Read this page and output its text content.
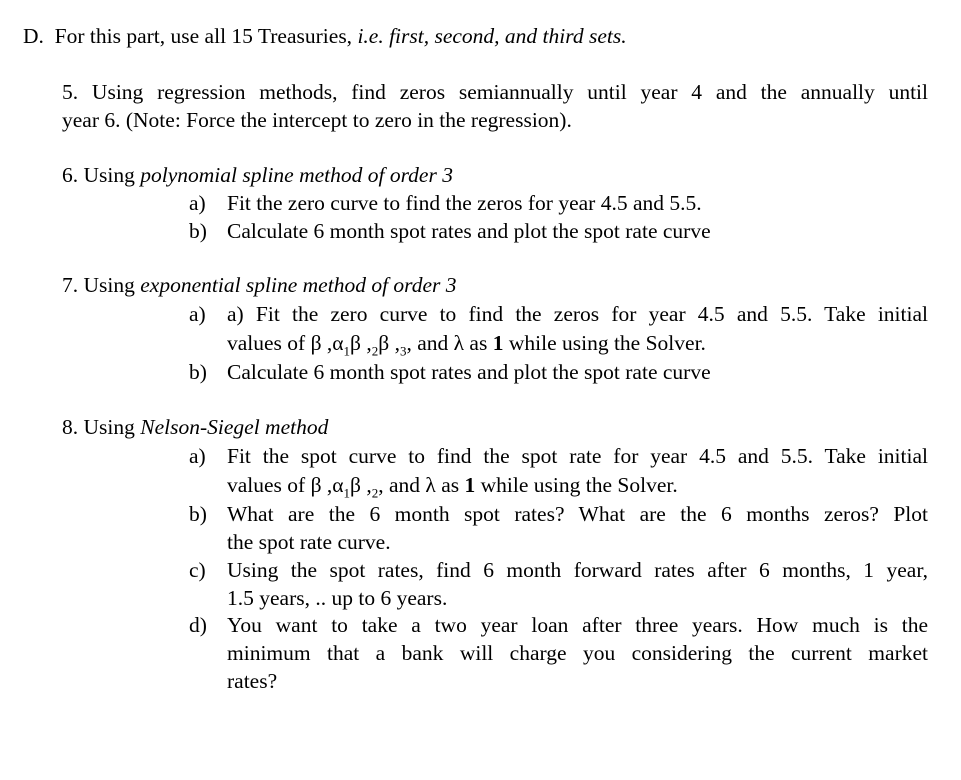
D. For this part, use all 15 Treasuries, i.e. first, second, and third sets.
5. Using regression methods, find zeros semiannually until year 4 and the annually until
year 6. (Note: Force the intercept to zero in the regression).
6. Using polynomial spline method of order 3
a) Fit the zero curve to find the zeros for year 4.5 and 5.5.
b) Calculate 6 month spot rates and plot the spot rate curve
7. Using exponential spline method of order 3
a) a) Fit the zero curve to find the zeros for year 4.5 and 5.5. Take initial
values of β $,\alpha_1\beta$ $,_2\beta$ $,_3$, and λ as 1 while using the Solver.
b) Calculate 6 month spot rates and plot the spot rate curve
8. Using Nelson-Siegel method
a) Fit the spot curve to find the spot rate for year 4.5 and 5.5. Take initial
values of β $,\alpha_1\beta$ $,_2$, and λ as 1 while using the Solver.
b) What are the 6 month spot rates? What are the 6 months zeros? Plot
the spot rate curve.
c) Using the spot rates, find 6 month forward rates after 6 months, 1 year,
1.5 years, .. up to 6 years.
d) You want to take a two year loan after three years. How much is the
minimum that a bank will charge you considering the current market
rates?
